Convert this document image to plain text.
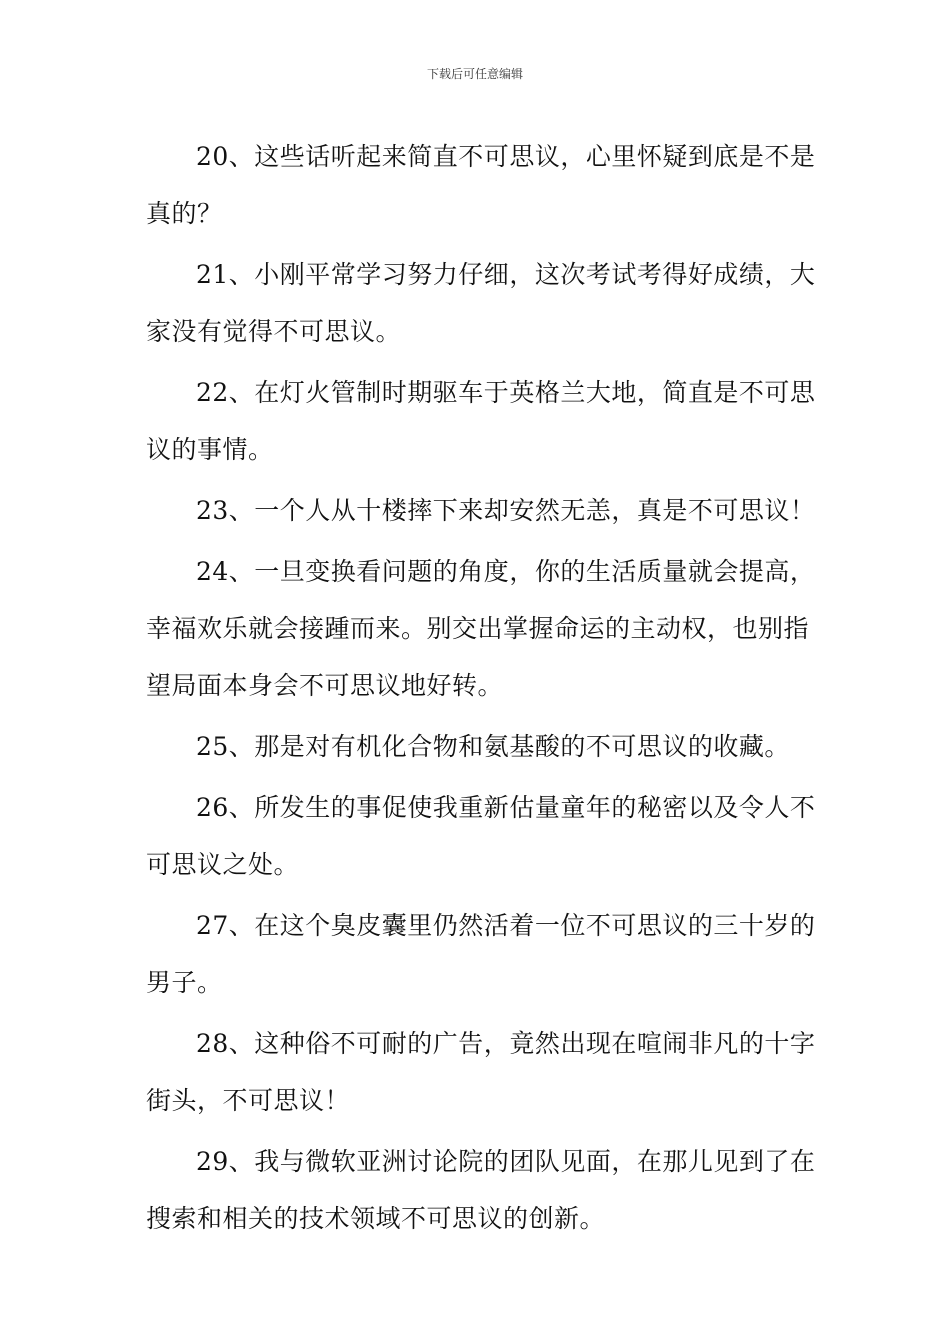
下载后可任意编辑

20、这些话听起来简直不可思议，心里怀疑到底是不是真的？

21、小刚平常学习努力仔细，这次考试考得好成绩，大家没有觉得不可思议。

22、在灯火管制时期驱车于英格兰大地，简直是不可思议的事情。

23、一个人从十楼摔下来却安然无恙，真是不可思议！

24、一旦变换看问题的角度，你的生活质量就会提高，幸福欢乐就会接踵而来。别交出掌握命运的主动权，也别指望局面本身会不可思议地好转。

25、那是对有机化合物和氨基酸的不可思议的收藏。

26、所发生的事促使我重新估量童年的秘密以及令人不可思议之处。

27、在这个臭皮囊里仍然活着一位不可思议的三十岁的男子。

28、这种俗不可耐的广告，竟然出现在喧闹非凡的十字街头，不可思议！

29、我与微软亚洲讨论院的团队见面，在那儿见到了在搜索和相关的技术领域不可思议的创新。
